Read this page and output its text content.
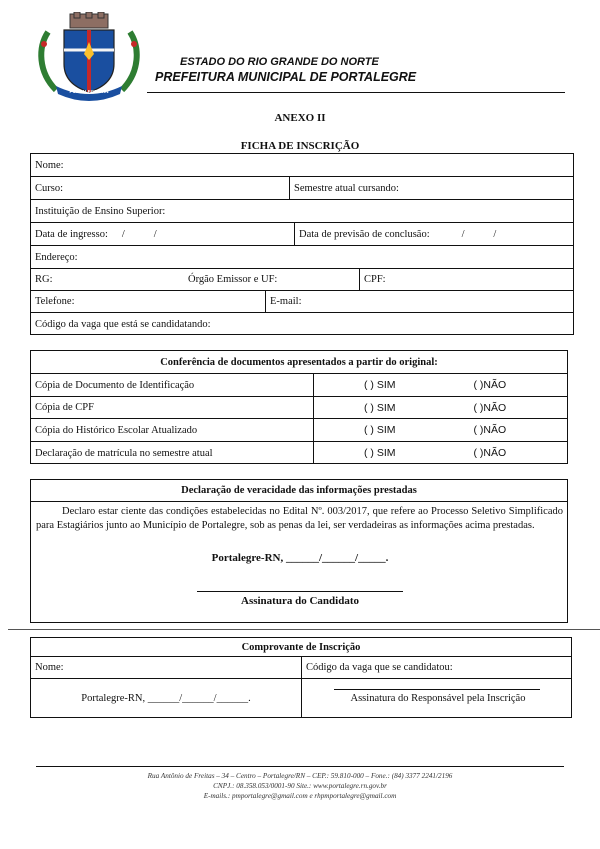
PORTALEGRE-RN
ESTADO DO RIO GRANDE DO NORTE
PREFEITURA MUNICIPAL DE PORTALEGRE
ANEXO II
FICHA DE INSCRIÇÃO
Nome:
Curso:	Semestre atual cursando:
Instituição de Ensino Superior:
Data de ingresso: /           /	Data de previsão de conclusão:	/           /
Endereço:
RG:	Órgão Emissor e UF:	CPF:
Telefone:	E-mail:
Código da vaga que está se candidatando:
Conferência de documentos apresentados a partir do original:
Cópia de Documento de Identificação	( ) SIM	( )NÃO
Cópia de CPF	( ) SIM	( )NÃO
Cópia do Histórico Escolar Atualizado	( ) SIM	( )NÃO
Declaração de matrícula no semestre atual	( ) SIM	( )NÃO
Declaração de veracidade das informações prestadas
Declaro estar ciente das condições estabelecidas no Edital Nº. 003/2017, que refere ao Processo Seletivo Simplificado para Estagiários junto ao Município de Portalegre, sob as penas da lei, ser verdadeiras as informações acima prestadas.
Portalegre-RN, ______/______/_____.
Assinatura do Candidato
Comprovante de Inscrição
Nome:	Código da vaga que se candidatou:
Portalegre-RN, ______/______/______.	Assinatura do Responsável pela Inscrição
Rua Antônio de Freitas – 34 – Centro – Portalegre/RN – CEP.: 59.810-000 – Fone.: (84) 3377 2241/2196
CNPJ.: 08.358.053/0001-90 Site.: www.portalegre.rn.gov.br
E-mails.: pmportalegre@gmail.com e rhpmportalegre@gmail.com
